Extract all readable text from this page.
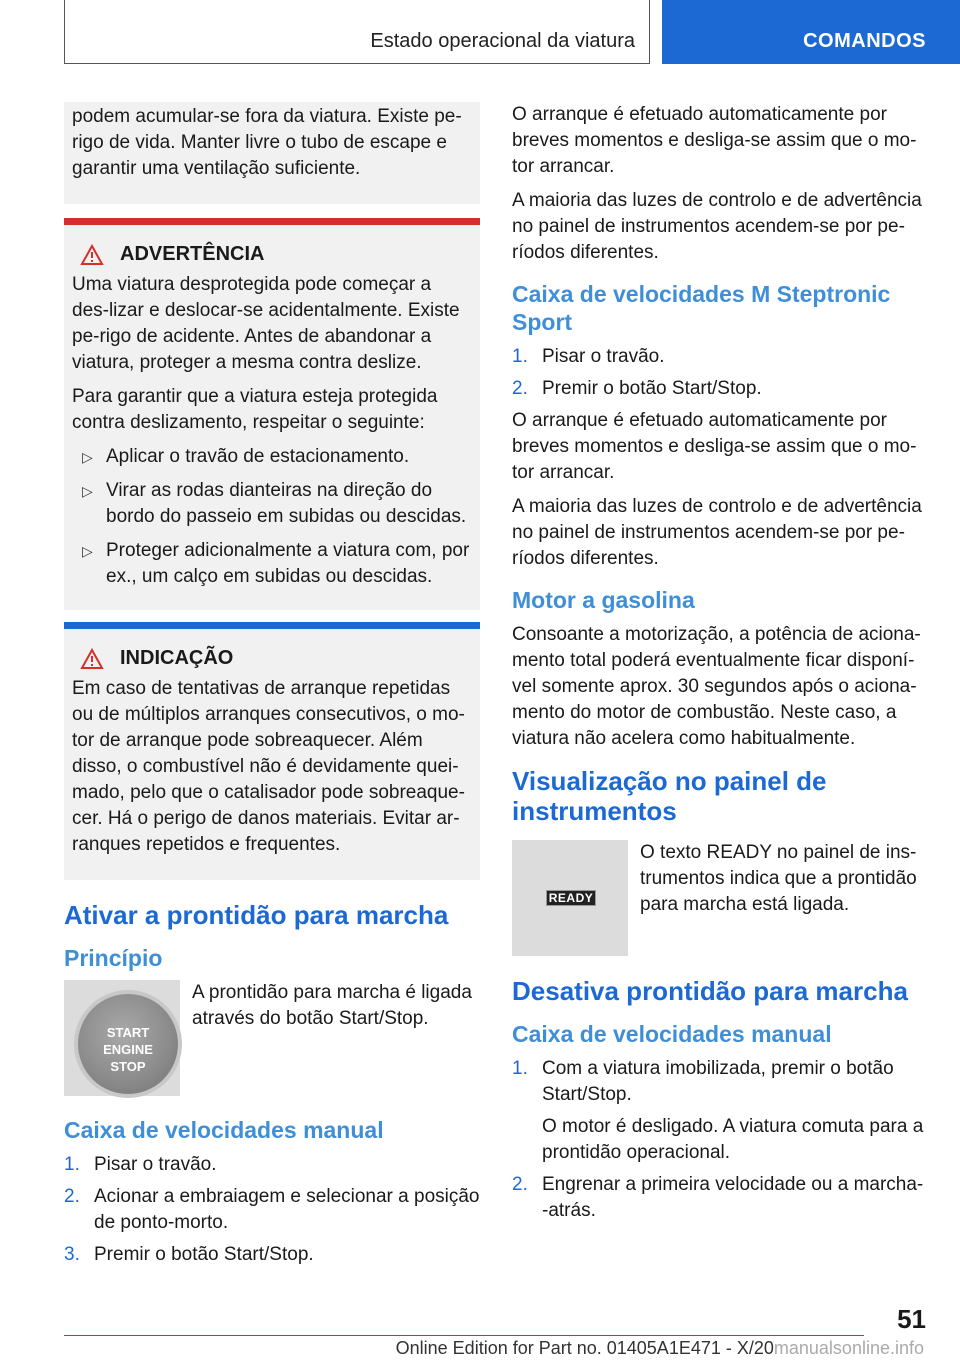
Estado operacional da viatura	COMANDOS

podem acumular-se fora da viatura. Existe pe-rigo de vida. Manter livre o tubo de escape e garantir uma ventilação suficiente.

ADVERTÊNCIA

Uma viatura desprotegida pode começar a des-lizar e deslocar-se acidentalmente. Existe pe-rigo de acidente. Antes de abandonar a viatura, proteger a mesma contra deslize.

Para garantir que a viatura esteja protegida contra deslizamento, respeitar o seguinte:

▷ Aplicar o travão de estacionamento.
▷ Virar as rodas dianteiras na direção do bordo do passeio em subidas ou descidas.
▷ Proteger adicionalmente a viatura com, por ex., um calço em subidas ou descidas.
INDICAÇÃO

Em caso de tentativas de arranque repetidas ou de múltiplos arranques consecutivos, o mo-tor de arranque pode sobreaquecer. Além disso, o combustível não é devidamente quei-mado, pelo que o catalisador pode sobreaque-cer. Há o perigo de danos materiais. Evitar ar-ranques repetidos e frequentes.

Ativar a prontidão para marcha
Princípio
START
ENGINE
STOP

A prontidão para marcha é ligada através do botão Start/Stop.

Caixa de velocidades manual
1. Pisar o travão.
2. Acionar a embraiagem e selecionar a posição de ponto-morto.
3. Premir o botão Start/Stop.

O arranque é efetuado automaticamente por breves momentos e desliga-se assim que o mo-tor arrancar.

A maioria das luzes de controlo e de advertência no painel de instrumentos acendem-se por pe-ríodos diferentes.

Caixa de velocidades M Steptronic Sport
1. Pisar o travão.
2. Premir o botão Start/Stop.

O arranque é efetuado automaticamente por breves momentos e desliga-se assim que o mo-tor arrancar.

A maioria das luzes de controlo e de advertência no painel de instrumentos acendem-se por pe-ríodos diferentes.

Motor a gasolina

Consoante a motorização, a potência de aciona-mento total poderá eventualmente ficar disponí-vel somente aprox. 30 segundos após o aciona-mento do motor de combustão. Neste caso, a viatura não acelera como habitualmente.

Visualização no painel de instrumentos
READY

O texto READY no painel de ins-trumentos indica que a prontidão para marcha está ligada.

Desativa prontidão para marcha
Caixa de velocidades manual
1. Com a viatura imobilizada, premir o botão Start/Stop.
O motor é desligado. A viatura comuta para a prontidão operacional.
2. Engrenar a primeira velocidade ou a marcha--atrás.
51
Online Edition for Part no. 01405A1E471 - X/20manualsonline.info
